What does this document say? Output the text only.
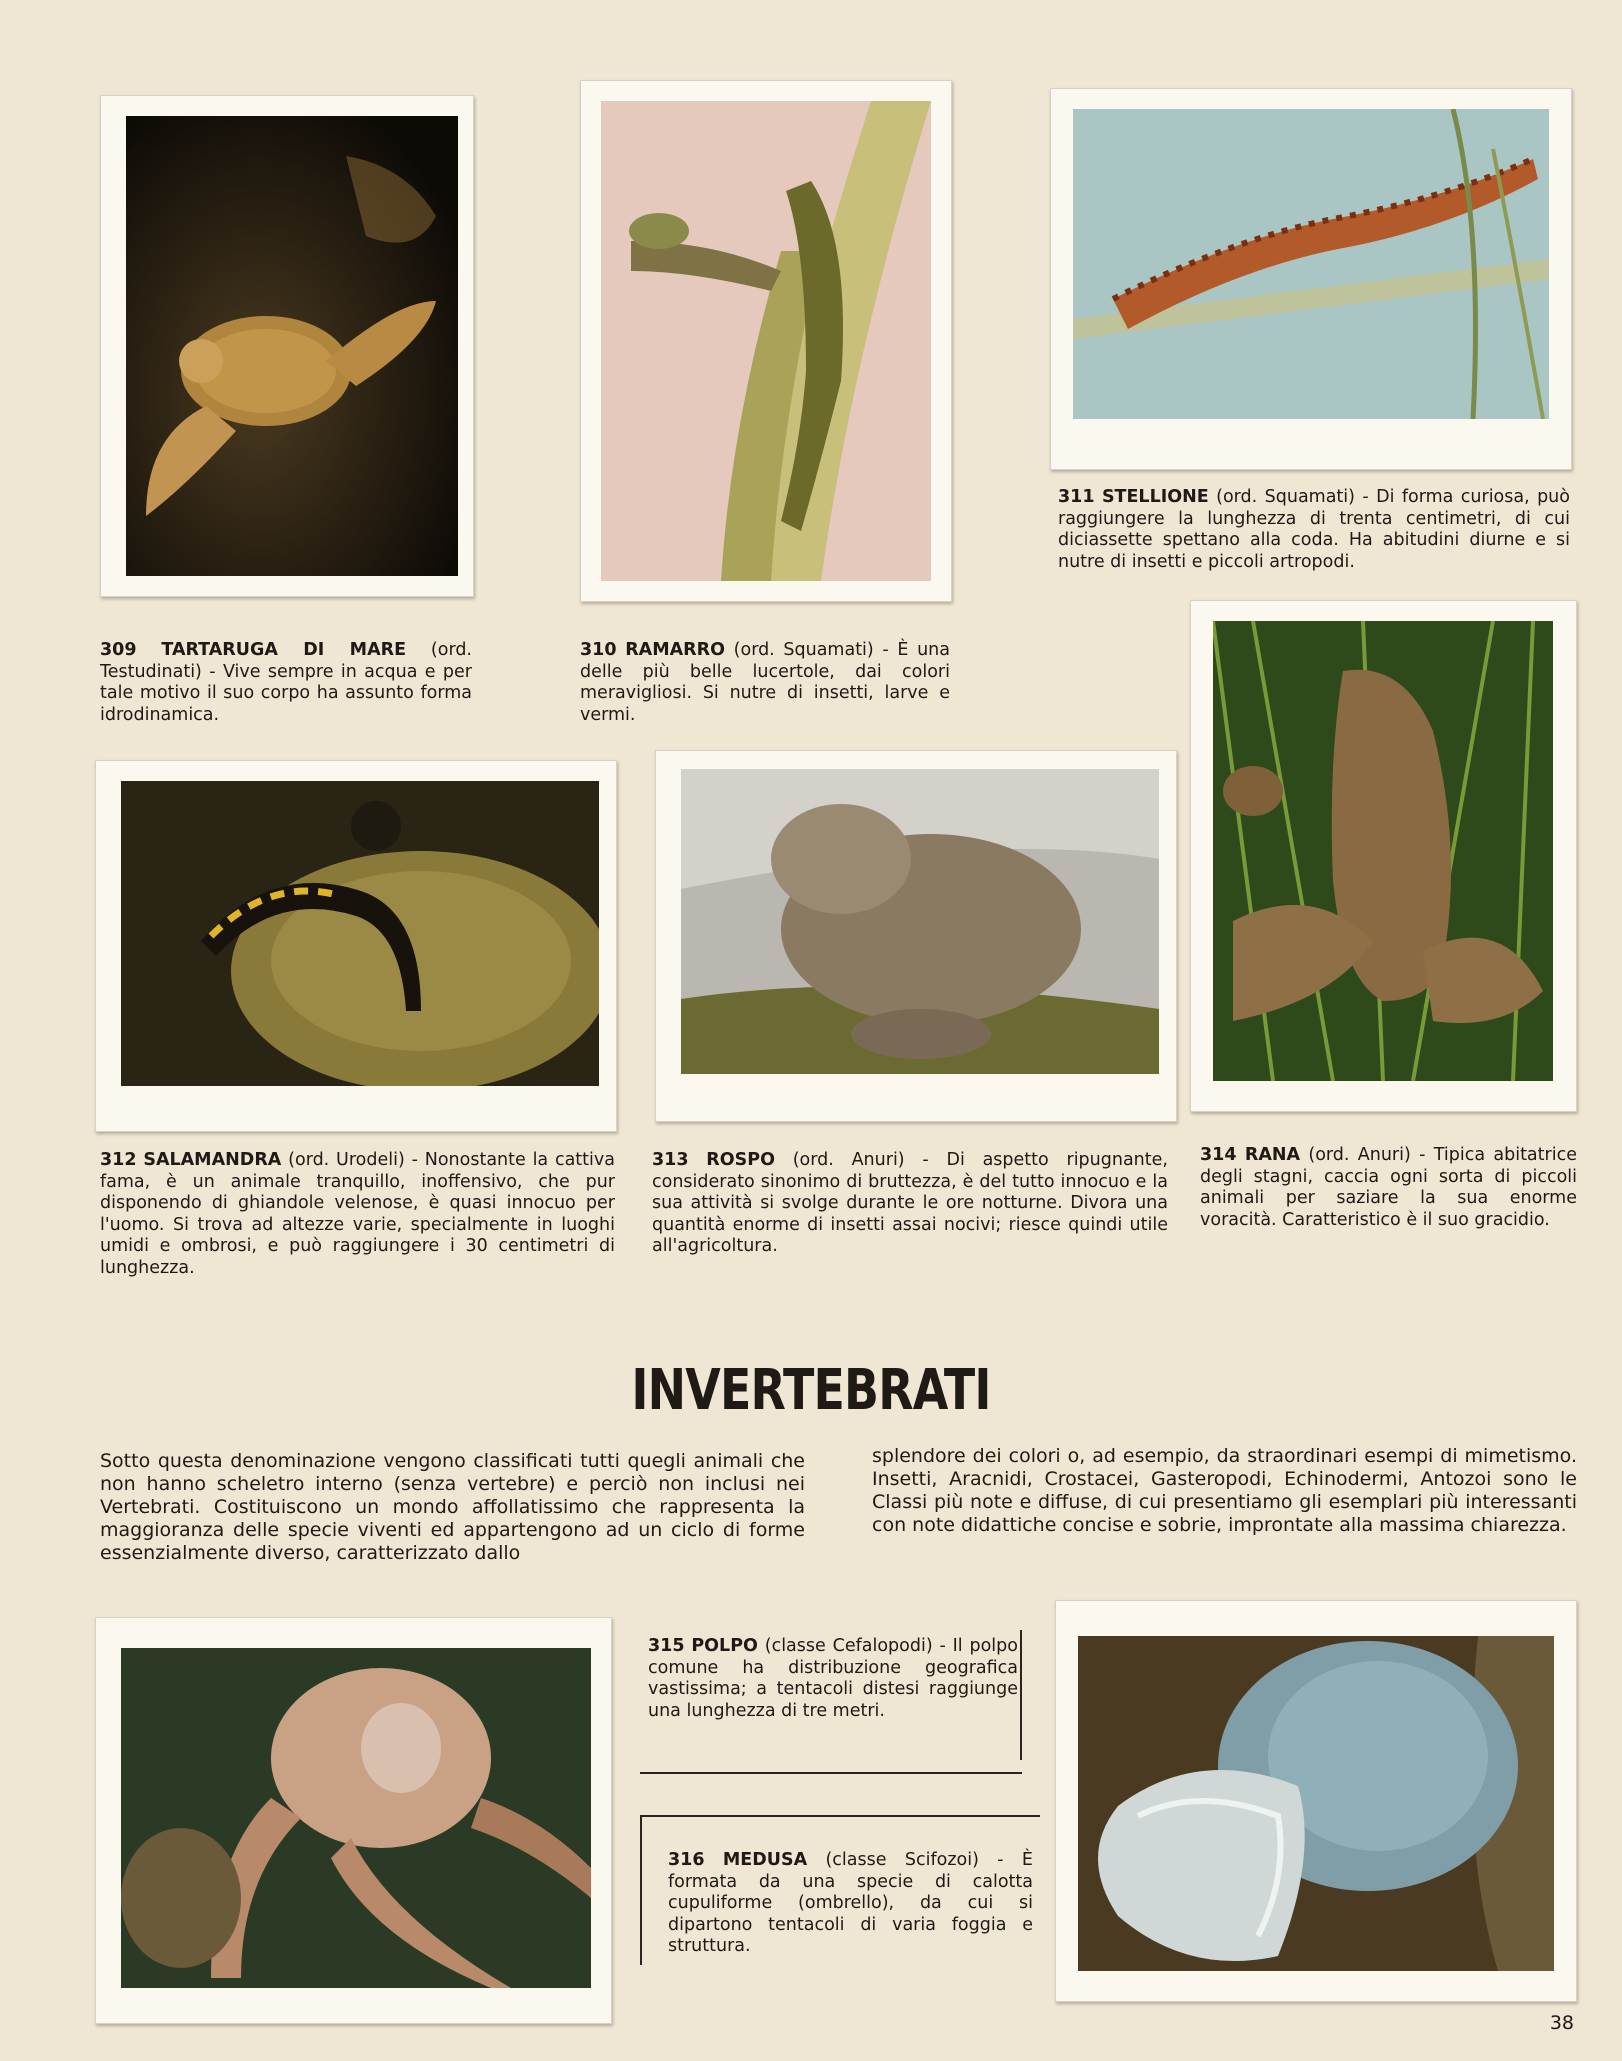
309 TARTARUGA DI MARE (ord. Testudinati) - Vive sempre in acqua e per tale motivo il suo corpo ha assunto forma idrodinamica.
310 RAMARRO (ord. Squamati) - È una delle più belle lucertole, dai colori meravigliosi. Si nutre di insetti, larve e vermi.
311 STELLIONE (ord. Squamati) - Di forma curiosa, può raggiungere la lunghezza di trenta centimetri, di cui diciassette spettano alla coda. Ha abitudini diurne e si nutre di insetti e piccoli artropodi.
312 SALAMANDRA (ord. Urodeli) - Nonostante la cattiva fama, è un animale tranquillo, inoffensivo, che pur disponendo di ghiandole velenose, è quasi innocuo per l'uomo. Si trova ad altezze varie, specialmente in luoghi umidi e ombrosi, e può raggiungere i 30 centimetri di lunghezza.
313 ROSPO (ord. Anuri) - Di aspetto ripugnante, considerato sinonimo di bruttezza, è del tutto innocuo e la sua attività si svolge durante le ore notturne. Divora una quantità enorme di insetti assai nocivi; riesce quindi utile all'agricoltura.
314 RANA (ord. Anuri) - Tipica abitatrice degli stagni, caccia ogni sorta di piccoli animali per saziare la sua enorme voracità. Caratteristico è il suo gracidio.
INVERTEBRATI
Sotto questa denominazione vengono classificati tutti quegli animali che non hanno scheletro interno (senza vertebre) e perciò non inclusi nei Vertebrati. Costituiscono un mondo affollatissimo che rappresenta la maggioranza delle specie viventi ed appartengono ad un ciclo di forme essenzialmente diverso, caratterizzato dallo
splendore dei colori o, ad esempio, da straordinari esempi di mimetismo. Insetti, Aracnidi, Crostacei, Gasteropodi, Echinodermi, Antozoi sono le Classi più note e diffuse, di cui presentiamo gli esemplari più interessanti con note didattiche concise e sobrie, improntate alla massima chiarezza.
315 POLPO (classe Cefalopodi) - Il polpo comune ha distribuzione geografica vastissima; a tentacoli distesi raggiunge una lunghezza di tre metri.
316 MEDUSA (classe Scifozoi) - È formata da una specie di calotta cupuliforme (ombrello), da cui si dipartono tentacoli di varia foggia e struttura.
38
